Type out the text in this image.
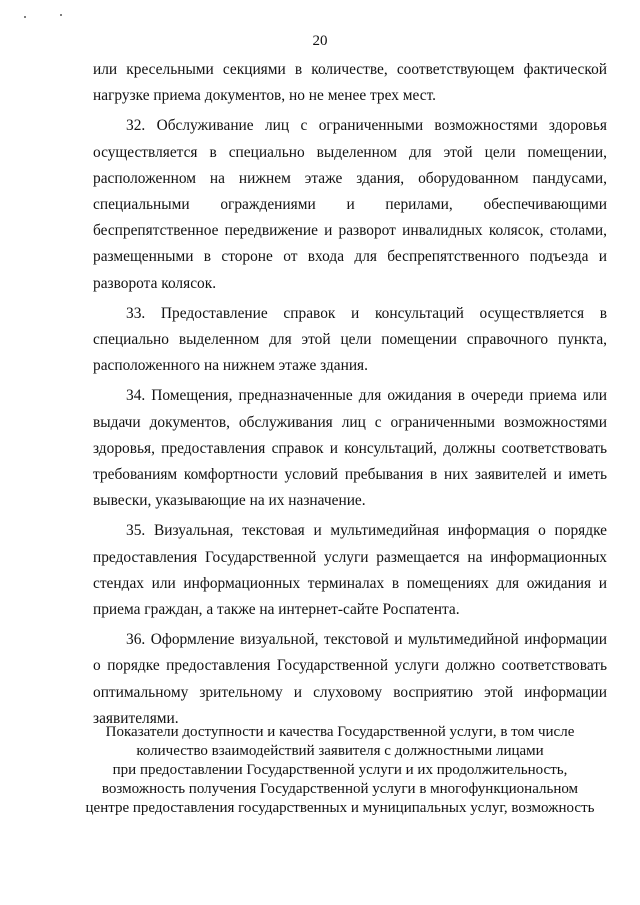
20

или кресельными секциями в количестве, соответствующем фактической нагрузке приема документов, но не менее трех мест.

32. Обслуживание лиц с ограниченными возможностями здоровья осуществляется в специально выделенном для этой цели помещении, расположенном на нижнем этаже здания, оборудованном пандусами, специальными ограждениями и перилами, обеспечивающими беспрепятственное передвижение и разворот инвалидных колясок, столами, размещенными в стороне от входа для беспрепятственного подъезда и разворота колясок.

33. Предоставление справок и консультаций осуществляется в специально выделенном для этой цели помещении справочного пункта, расположенного на нижнем этаже здания.

34. Помещения, предназначенные для ожидания в очереди приема или выдачи документов, обслуживания лиц с ограниченными возможностями здоровья, предоставления справок и консультаций, должны соответствовать требованиям комфортности условий пребывания в них заявителей и иметь вывески, указывающие на их назначение.

35. Визуальная, текстовая и мультимедийная информация о порядке предоставления Государственной услуги размещается на информационных стендах или информационных терминалах в помещениях для ожидания и приема граждан, а также на интернет-сайте Роспатента.

36. Оформление визуальной, текстовой и мультимедийной информации о порядке предоставления Государственной услуги должно соответствовать оптимальному зрительному и слуховому восприятию этой информации заявителями.

Показатели доступности и качества Государственной услуги, в том числе
количество взаимодействий заявителя с должностными лицами
при предоставлении Государственной услуги и их продолжительность,
возможность получения Государственной услуги в многофункциональном
центре предоставления государственных и муниципальных услуг, возможность
